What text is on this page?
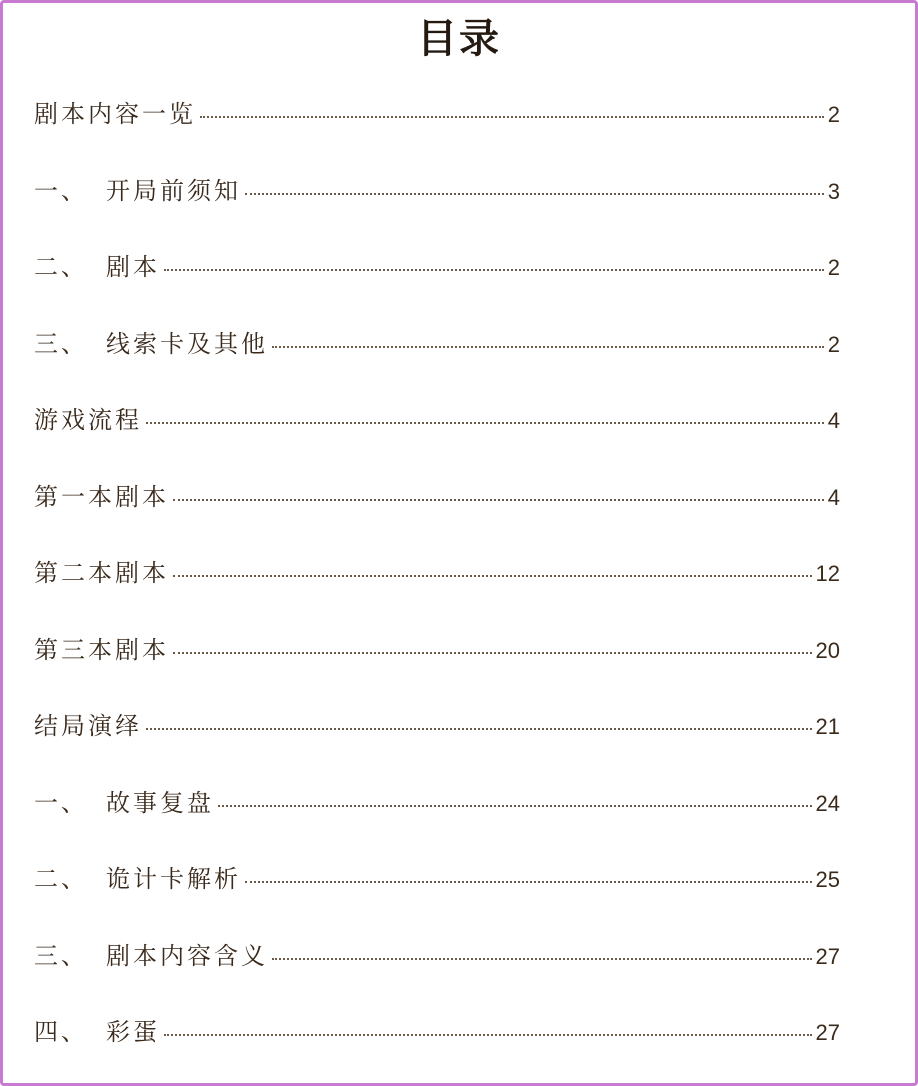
目录
剧本内容一览	2
一、 开局前须知	3
二、 剧本	2
三、 线索卡及其他	2
游戏流程	4
第一本剧本	4
第二本剧本	12
第三本剧本	20
结局演绎	21
一、 故事复盘	24
二、 诡计卡解析	25
三、 剧本内容含义	27
四、 彩蛋	27
